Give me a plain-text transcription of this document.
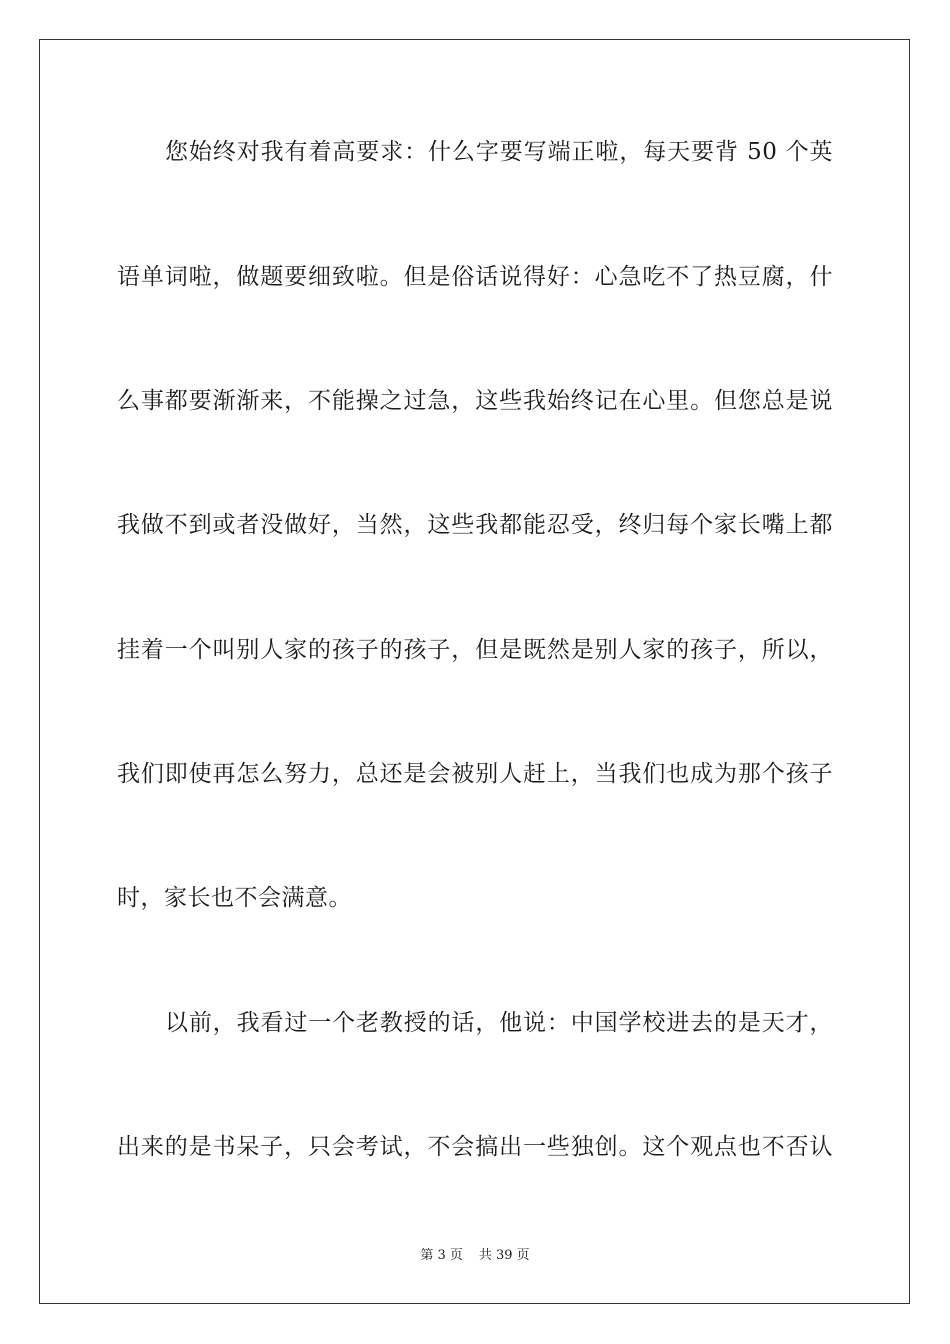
您始终对我有着高要求：什么字要写端正啦，每天要背 50 个英
语单词啦，做题要细致啦。但是俗话说得好：心急吃不了热豆腐，什
么事都要渐渐来，不能操之过急，这些我始终记在心里。但您总是说
我做不到或者没做好，当然，这些我都能忍受，终归每个家长嘴上都
挂着一个叫别人家的孩子的孩子，但是既然是别人家的孩子，所以，
我们即使再怎么努力，总还是会被别人赶上，当我们也成为那个孩子
时，家长也不会满意。
以前，我看过一个老教授的话，他说：中国学校进去的是天才，
出来的是书呆子，只会考试，不会搞出一些独创。这个观点也不否认
第 3 页 共 39 页
